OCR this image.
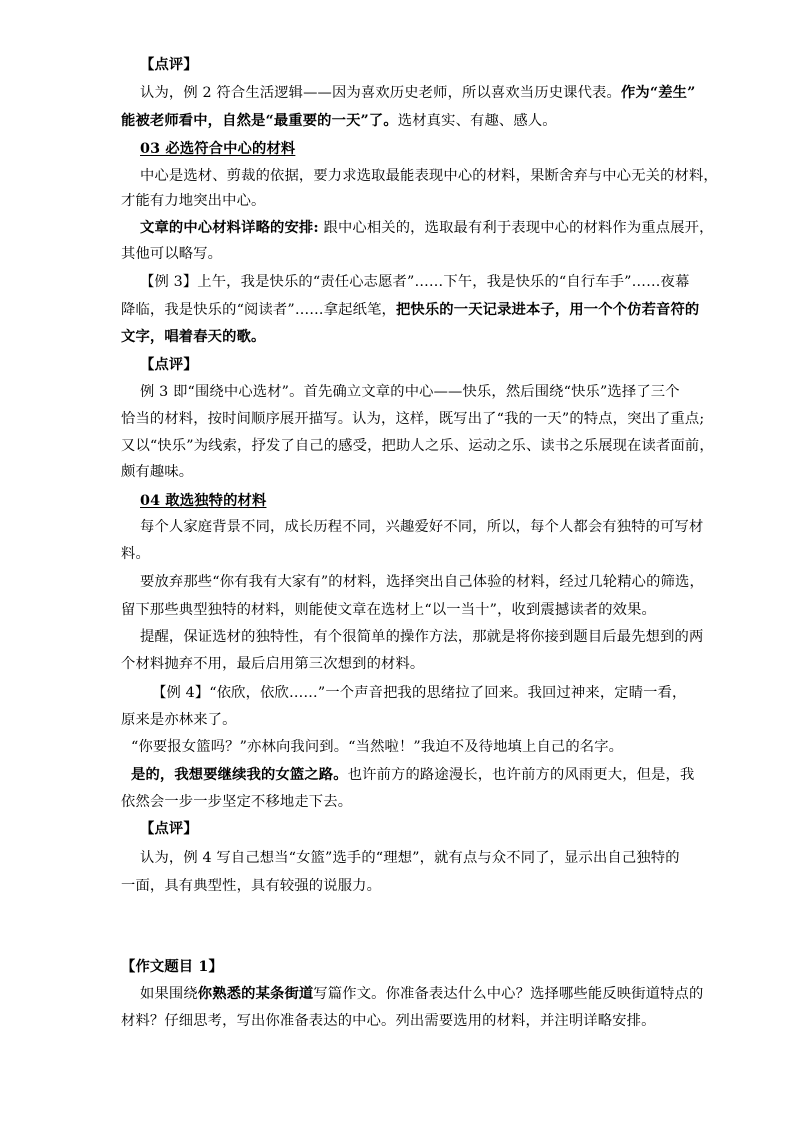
【点评】
认为，例 2 符合生活逻辑——因为喜欢历史老师，所以喜欢当历史课代表。作为“差生”
能被老师看中，自然是“最重要的一天”了。选材真实、有趣、感人。
03 必选符合中心的材料
中心是选材、剪裁的依据，要力求选取最能表现中心的材料，果断舍弃与中心无关的材料，
才能有力地突出中心。
文章的中心材料详略的安排: 跟中心相关的，选取最有利于表现中心的材料作为重点展开，
其他可以略写。
【例 3】上午，我是快乐的“责任心志愿者”……下午，我是快乐的“自行车手”……夜幕
降临，我是快乐的“阅读者”……拿起纸笔，把快乐的一天记录进本子，用一个个仿若音符的
文字，唱着春天的歌。
【点评】
例 3 即“围绕中心选材”。首先确立文章的中心——快乐，然后围绕“快乐”选择了三个
恰当的材料，按时间顺序展开描写。认为，这样，既写出了“我的一天”的特点，突出了重点;
又以“快乐”为线索，抒发了自己的感受，把助人之乐、运动之乐、读书之乐展现在读者面前，
颇有趣味。
04 敢选独特的材料
每个人家庭背景不同，成长历程不同，兴趣爱好不同，所以，每个人都会有独特的可写材
料。
要放弃那些“你有我有大家有”的材料，选择突出自己体验的材料，经过几轮精心的筛选，
留下那些典型独特的材料，则能使文章在选材上“以一当十”，收到震撼读者的效果。
提醒，保证选材的独特性，有个很简单的操作方法，那就是将你接到题目后最先想到的两
个材料抛弃不用，最后启用第三次想到的材料。
【例 4】“依欣，依欣……”一个声音把我的思绪拉了回来。我回过神来，定睛一看，
原来是亦林来了。
“你要报女篮吗？”亦林向我问到。“当然啦！”我迫不及待地填上自己的名字。
是的，我想要继续我的女篮之路。也许前方的路途漫长，也许前方的风雨更大，但是，我
依然会一步一步坚定不移地走下去。
【点评】
认为，例 4 写自己想当“女篮”选手的“理想”，就有点与众不同了，显示出自己独特的
一面，具有典型性，具有较强的说服力。
【作文题目 1】
如果围绕你熟悉的某条街道写篇作文。你准备表达什么中心？选择哪些能反映街道特点的
材料？仔细思考，写出你准备表达的中心。列出需要选用的材料，并注明详略安排。
